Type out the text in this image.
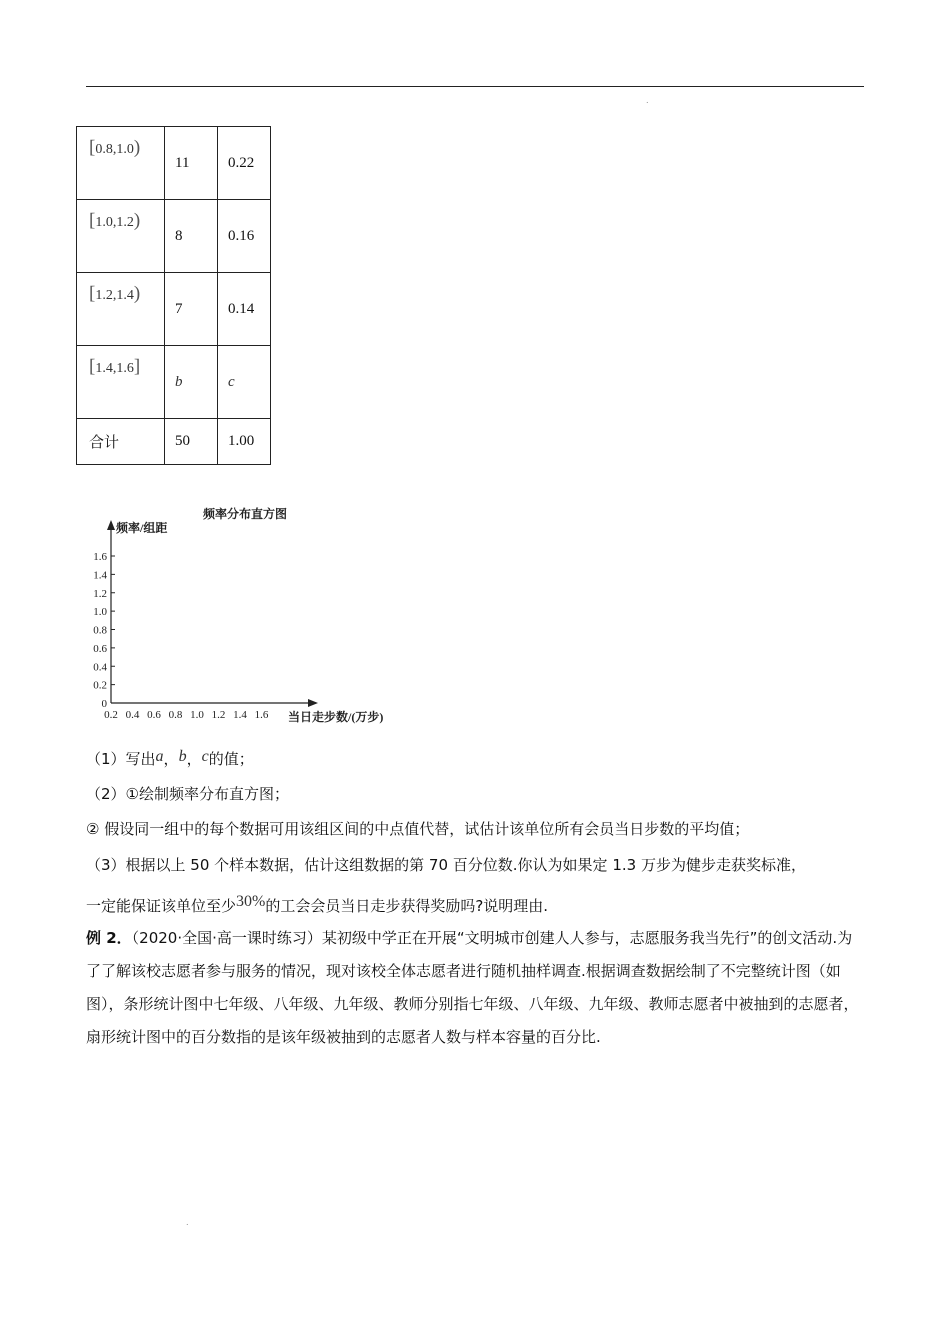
.
.
[0.8,1.0)	11	0.22
[1.0,1.2)	8	0.16
[1.2,1.4)	7	0.14
[1.4,1.6]	b	c
合计	50	1.00
频率分布直方图
频率/组距
0
0.2
0.4
0.6
0.8
1.0
1.2
1.4
1.6
0.2 0.4 0.6 0.8 1.0 1.2 1.4 1.6 当日走步数/(万步)
（1）写出a，b，c的值；
（2）①绘制频率分布直方图；
② 假设同一组中的每个数据可用该组区间的中点值代替，试估计该单位所有会员当日步数的平均值；
（3）根据以上 50 个样本数据，估计这组数据的第 70 百分位数.你认为如果定 1.3 万步为健步走获奖标准，
一定能保证该单位至少30%的工会会员当日走步获得奖励吗?说明理由.
例 2．（2020·全国·高一课时练习）某初级中学正在开展“文明城市创建人人参与，志愿服务我当先行”的创文活动.为了了解该校志愿者参与服务的情况，现对该校全体志愿者进行随机抽样调查.根据调查数据绘制了不完整统计图（如图），条形统计图中七年级、八年级、九年级、教师分别指七年级、八年级、九年级、教师志愿者中被抽到的志愿者，扇形统计图中的百分数指的是该年级被抽到的志愿者人数与样本容量的百分比.
